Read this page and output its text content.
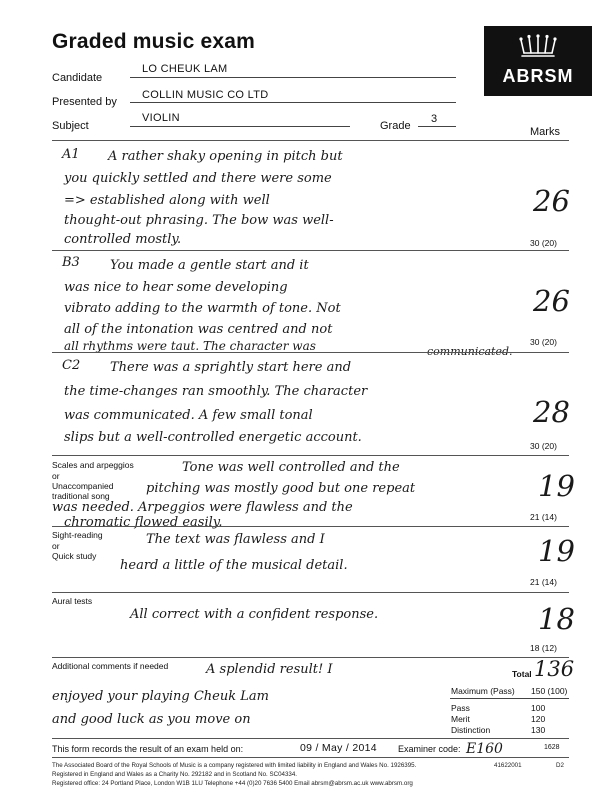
Graded music exam
ABRSM
Candidate
LO CHEUK LAM
Presented by
COLLIN MUSIC CO LTD
Subject
VIOLIN
Grade
3
Marks
A1 A rather shaky opening in pitch but
you quickly settled and there were some
=> established along with well
thought-out phrasing. The bow was well-
controlled mostly.
26
30 (20)
B3 You made a gentle start and it
was nice to hear some developing
vibrato adding to the warmth of tone. Not
all of the intonation was centred and not
all rhythms were taut. The character was	communicated.
26
30 (20)
C2 There was a sprightly start here and
the time-changes ran smoothly. The character
was communicated. A few small tonal
slips but a well-controlled energetic account.
28
30 (20)
Scales and arpeggios
or
Unaccompanied
traditional song
Tone was well controlled and the
pitching was mostly good but one repeat
was needed. Arpeggios were flawless and the
chromatic flowed easily.
19
21 (14)
Sight-reading
or
Quick study
The text was flawless and I
heard a little of the musical detail.	19
21 (14)
Aural tests
All correct with a confident response.	18
18 (12)
Additional comments if needed	A splendid result! I
enjoyed your playing Cheuk Lam
and good luck as you move on
Total 136
Maximum (Pass) 150 (100)
Pass	100
Merit	120
Distinction	130
This form records the result of an exam held on:	09 / May / 2014 Examiner code: E160	1628
The Associated Board of the Royal Schools of Music is a company registered with limited liability in England and Wales No. 1926395.
Registered in England and Wales as a Charity No. 292182 and in Scotland No. SC04334.
Registered office: 24 Portland Place, London W1B 1LU Telephone +44 (0)20 7636 5400 Email abrsm@abrsm.ac.uk www.abrsm.org
41622001	D2
